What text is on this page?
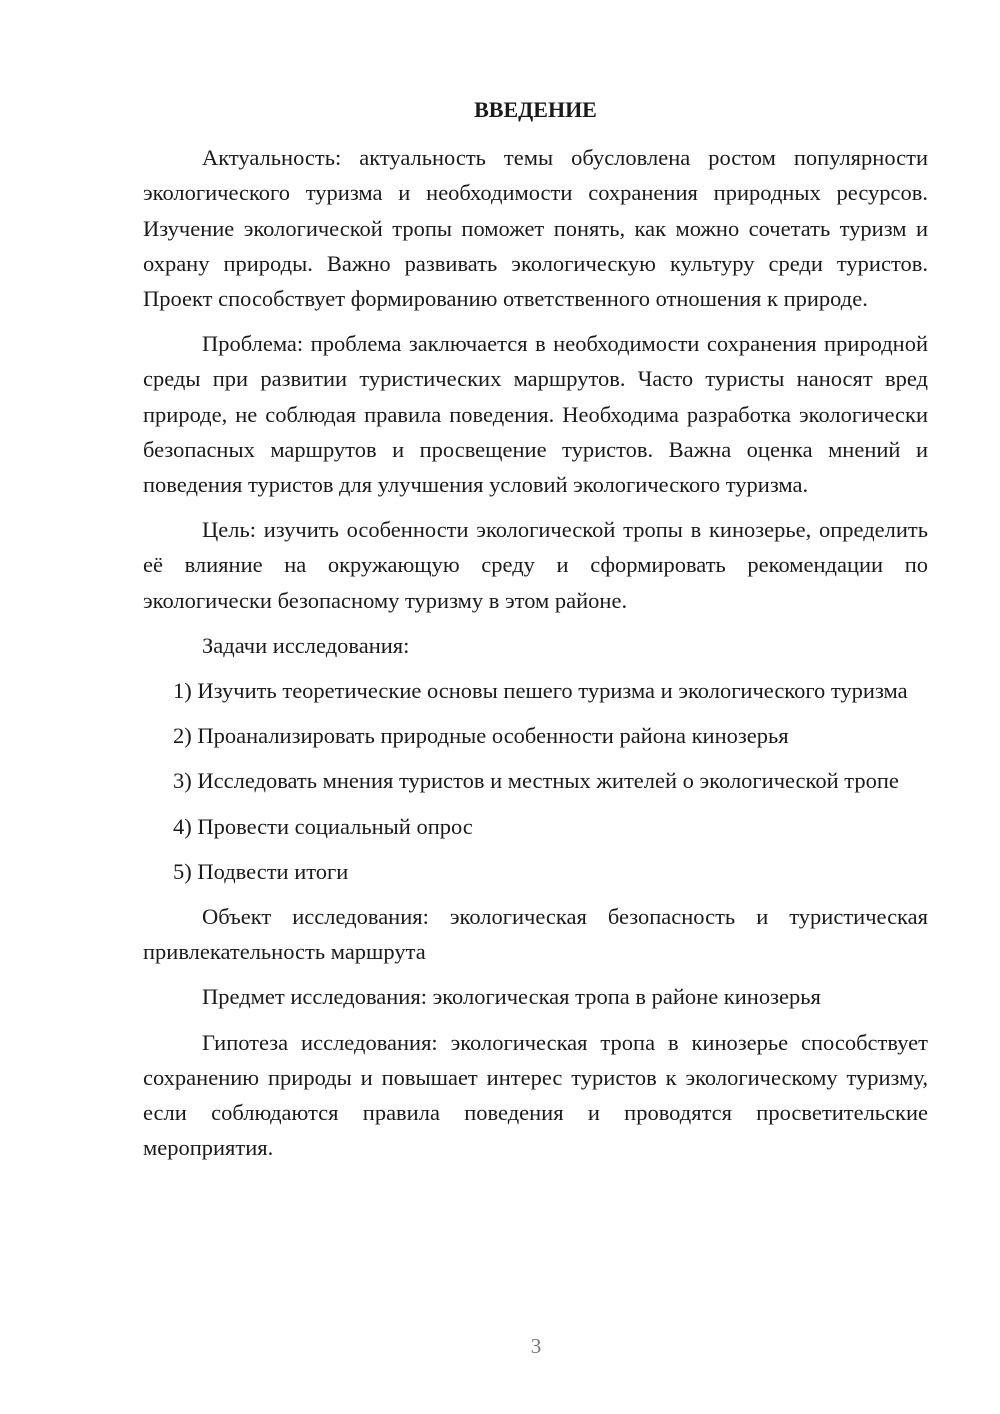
ВВЕДЕНИЕ

Актуальность: актуальность темы обусловлена ростом популярности экологического туризма и необходимости сохранения природных ресурсов. Изучение экологической тропы поможет понять, как можно сочетать туризм и охрану природы. Важно развивать экологическую культуру среди туристов. Проект способствует формированию ответственного отношения к природе.

Проблема: проблема заключается в необходимости сохранения природной среды при развитии туристических маршрутов. Часто туристы наносят вред природе, не соблюдая правила поведения. Необходима разработка экологически безопасных маршрутов и просвещение туристов. Важна оценка мнений и поведения туристов для улучшения условий экологического туризма.

Цель: изучить особенности экологической тропы в кинозерье, определить её влияние на окружающую среду и сформировать рекомендации по экологически безопасному туризму в этом районе.

Задачи исследования:

1) Изучить теоретические основы пешего туризма и экологического туризма

2) Проанализировать природные особенности района кинозерья

3) Исследовать мнения туристов и местных жителей о экологической тропе

4) Провести социальный опрос

5) Подвести итоги

Объект исследования: экологическая безопасность и туристическая привлекательность маршрута

Предмет исследования: экологическая тропа в районе кинозерья

Гипотеза исследования: экологическая тропа в кинозерье способствует сохранению природы и повышает интерес туристов к экологическому туризму, если соблюдаются правила поведения и проводятся просветительские мероприятия.

3
